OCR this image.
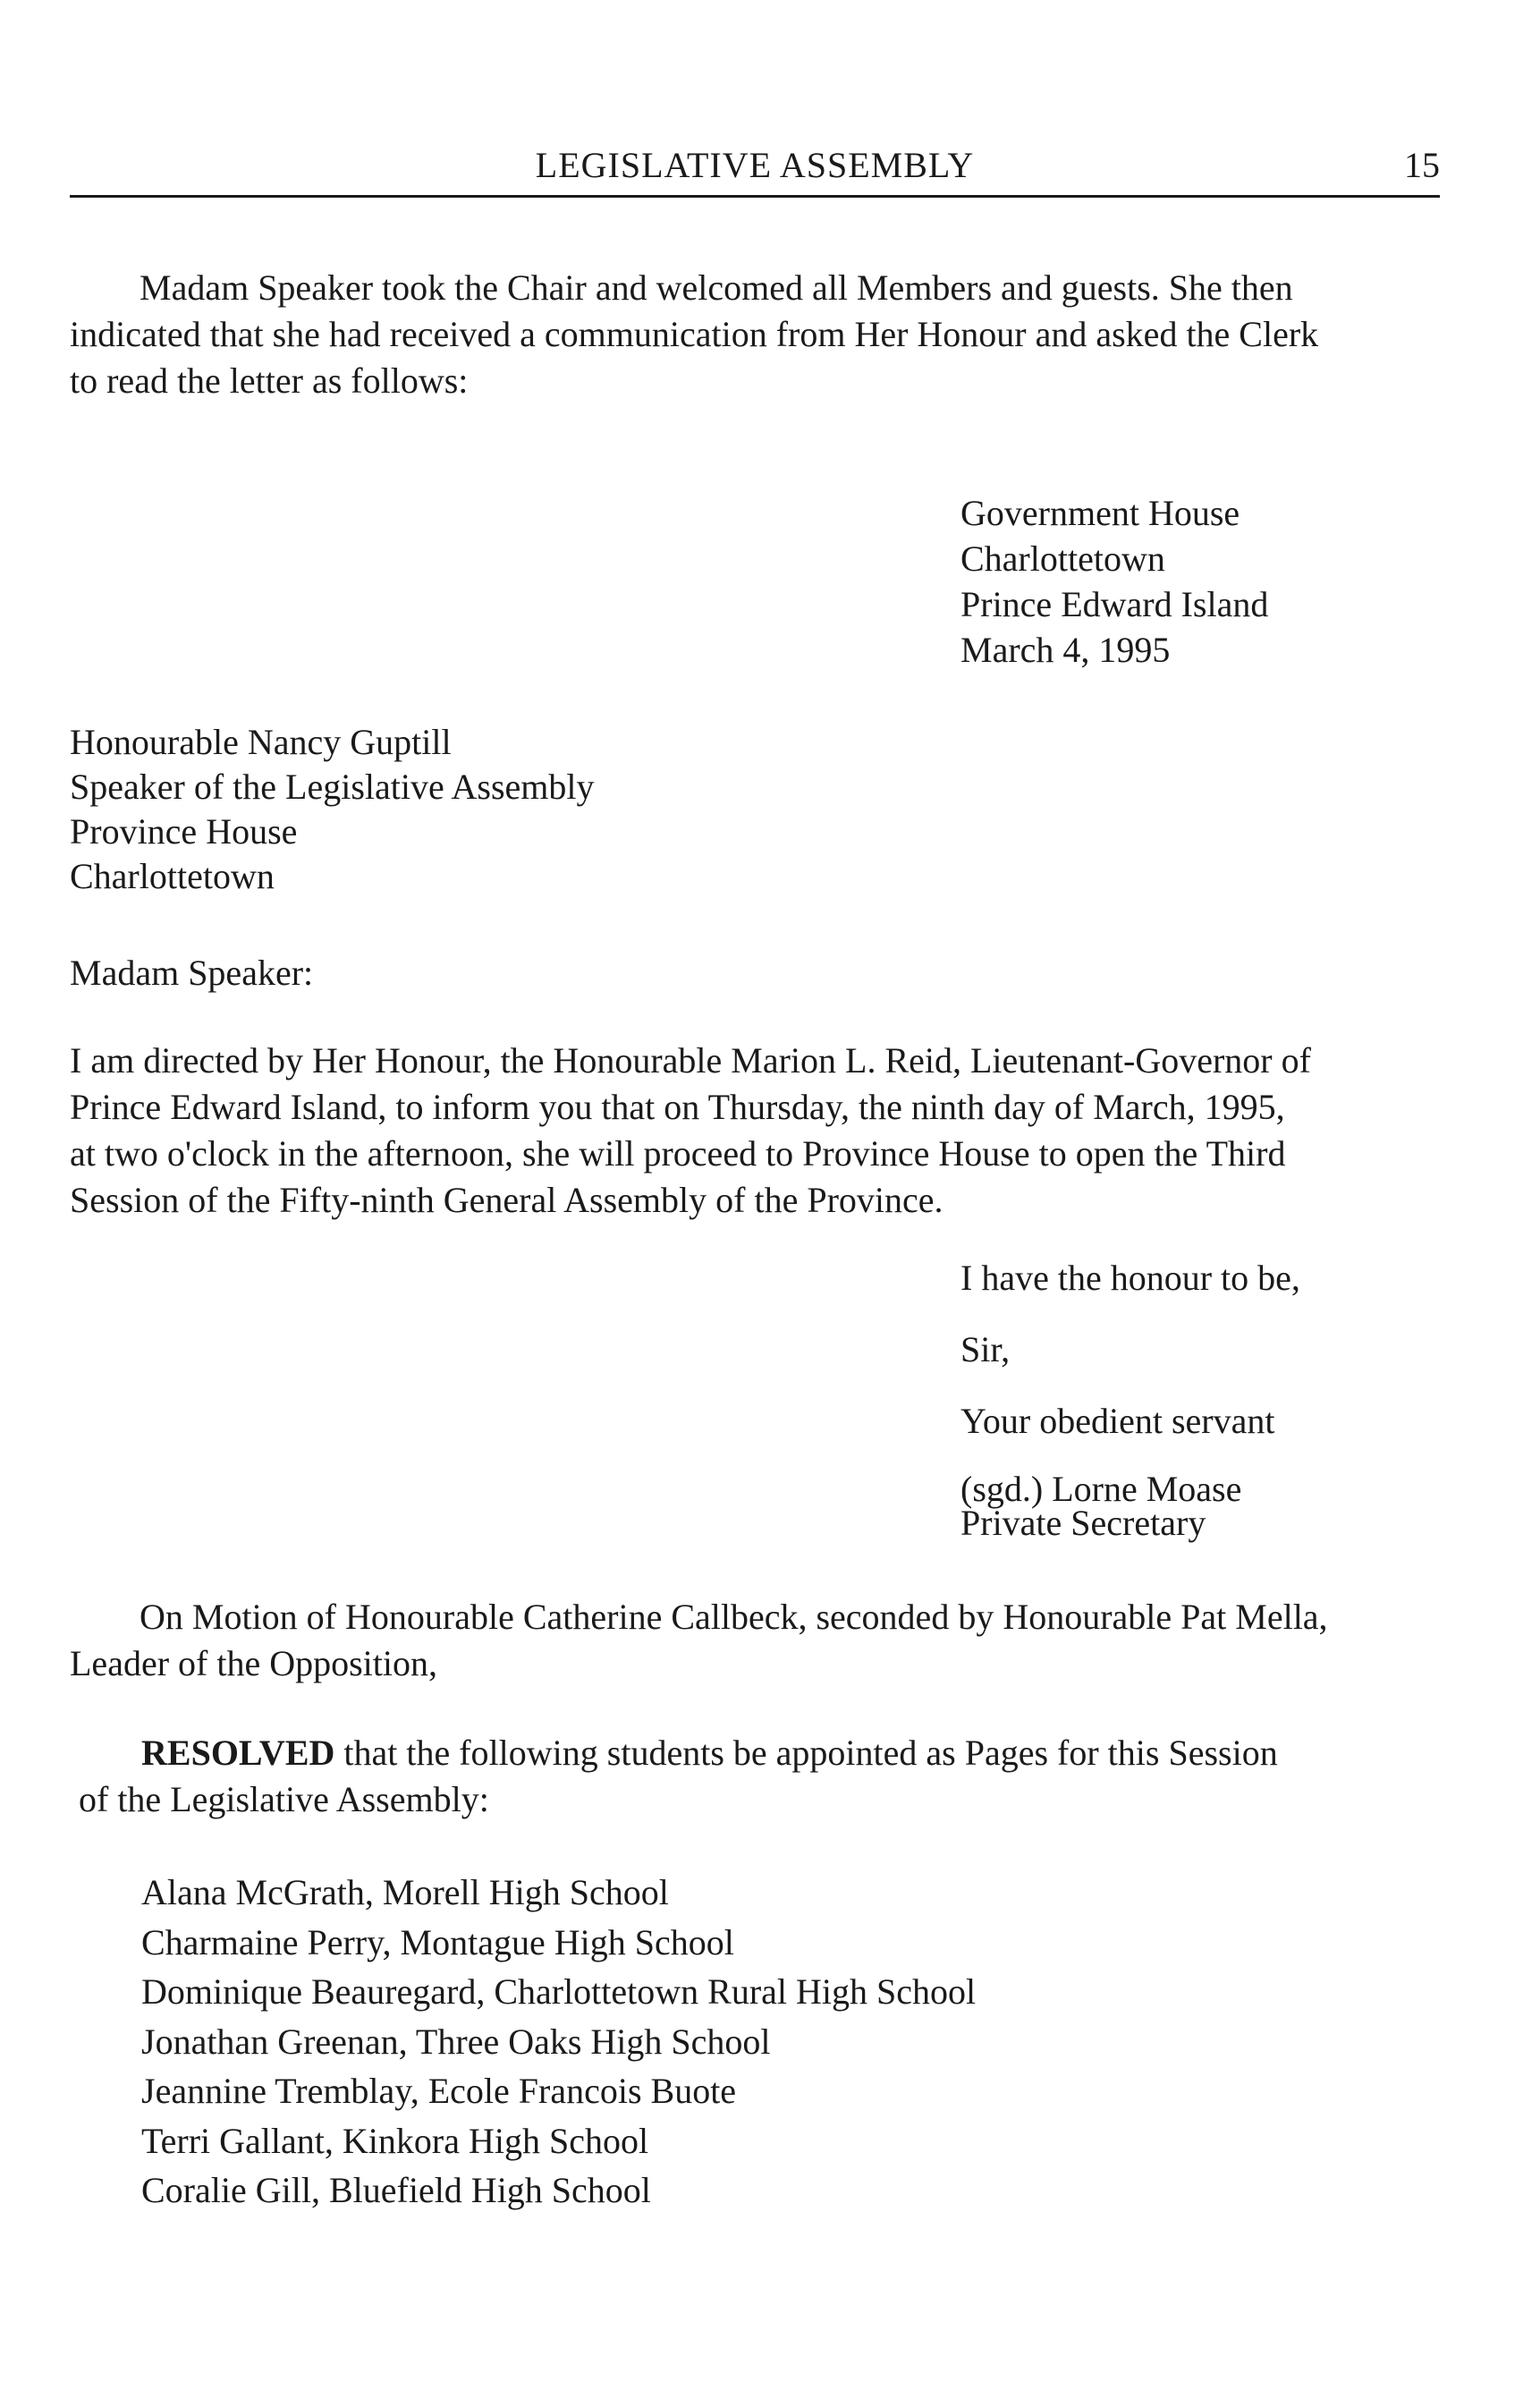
LEGISLATIVE ASSEMBLY	15

Madam Speaker took the Chair and welcomed all Members and guests. She then
indicated that she had received a communication from Her Honour and asked the Clerk
to read the letter as follows:

Government House
Charlottetown
Prince Edward Island
March 4, 1995
Honourable Nancy Guptill
Speaker of the Legislative Assembly
Province House
Charlottetown
Madam Speaker:

I am directed by Her Honour, the Honourable Marion L. Reid, Lieutenant-Governor of
Prince Edward Island, to inform you that on Thursday, the ninth day of March, 1995,
at two o'clock in the afternoon, she will proceed to Province House to open the Third
Session of the Fifty-ninth General Assembly of the Province.

I have the honour to be,
Sir,
Your obedient servant
(sgd.) Lorne Moase
Private Secretary

On Motion of Honourable Catherine Callbeck, seconded by Honourable Pat Mella,
Leader of the Opposition,

RESOLVED that the following students be appointed as Pages for this Session
of the Legislative Assembly:

Alana McGrath, Morell High School
Charmaine Perry, Montague High School
Dominique Beauregard, Charlottetown Rural High School
Jonathan Greenan, Three Oaks High School
Jeannine Tremblay, Ecole Francois Buote
Terri Gallant, Kinkora High School
Coralie Gill, Bluefield High School
